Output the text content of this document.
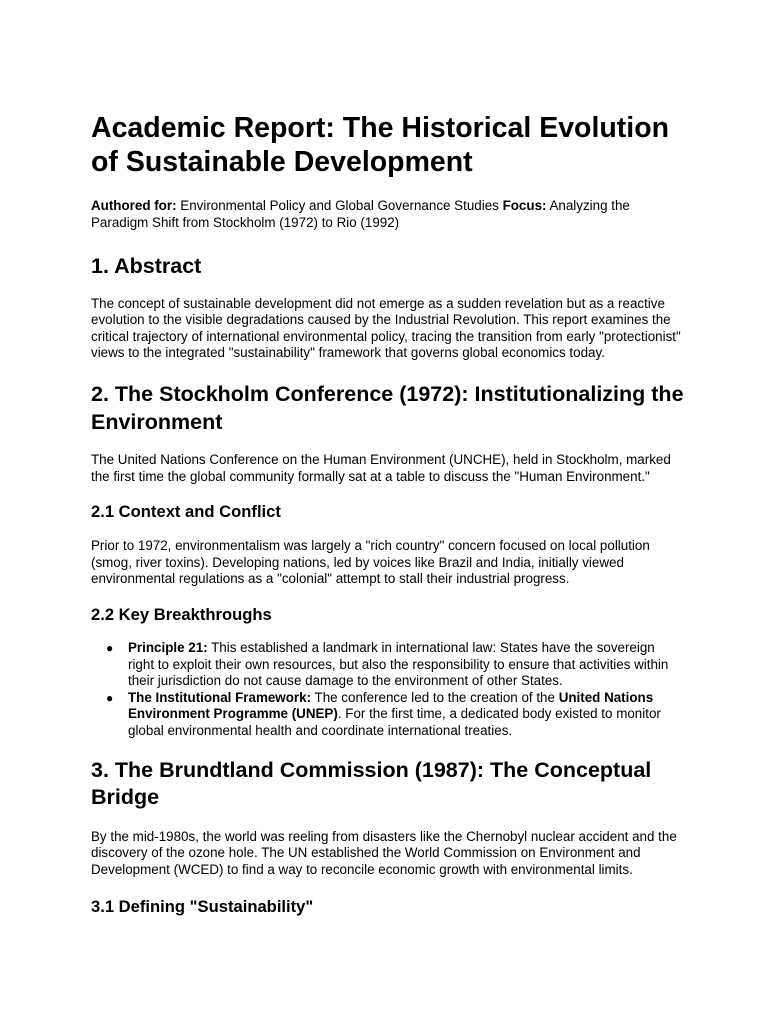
Academic Report: The Historical Evolution of Sustainable Development

Authored for: Environmental Policy and Global Governance Studies Focus: Analyzing the Paradigm Shift from Stockholm (1972) to Rio (1992)

1. Abstract

The concept of sustainable development did not emerge as a sudden revelation but as a reactive evolution to the visible degradations caused by the Industrial Revolution. This report examines the critical trajectory of international environmental policy, tracing the transition from early "protectionist" views to the integrated "sustainability" framework that governs global economics today.

2. The Stockholm Conference (1972): Institutionalizing the Environment

The United Nations Conference on the Human Environment (UNCHE), held in Stockholm, marked the first time the global community formally sat at a table to discuss the "Human Environment."

2.1 Context and Conflict

Prior to 1972, environmentalism was largely a "rich country" concern focused on local pollution (smog, river toxins). Developing nations, led by voices like Brazil and India, initially viewed environmental regulations as a "colonial" attempt to stall their industrial progress.

2.2 Key Breakthroughs
● Principle 21: This established a landmark in international law: States have the sovereign right to exploit their own resources, but also the responsibility to ensure that activities within their jurisdiction do not cause damage to the environment of other States.
● The Institutional Framework: The conference led to the creation of the United Nations Environment Programme (UNEP). For the first time, a dedicated body existed to monitor global environmental health and coordinate international treaties.
3. The Brundtland Commission (1987): The Conceptual Bridge

By the mid-1980s, the world was reeling from disasters like the Chernobyl nuclear accident and the discovery of the ozone hole. The UN established the World Commission on Environment and Development (WCED) to find a way to reconcile economic growth with environmental limits.

3.1 Defining "Sustainability"
